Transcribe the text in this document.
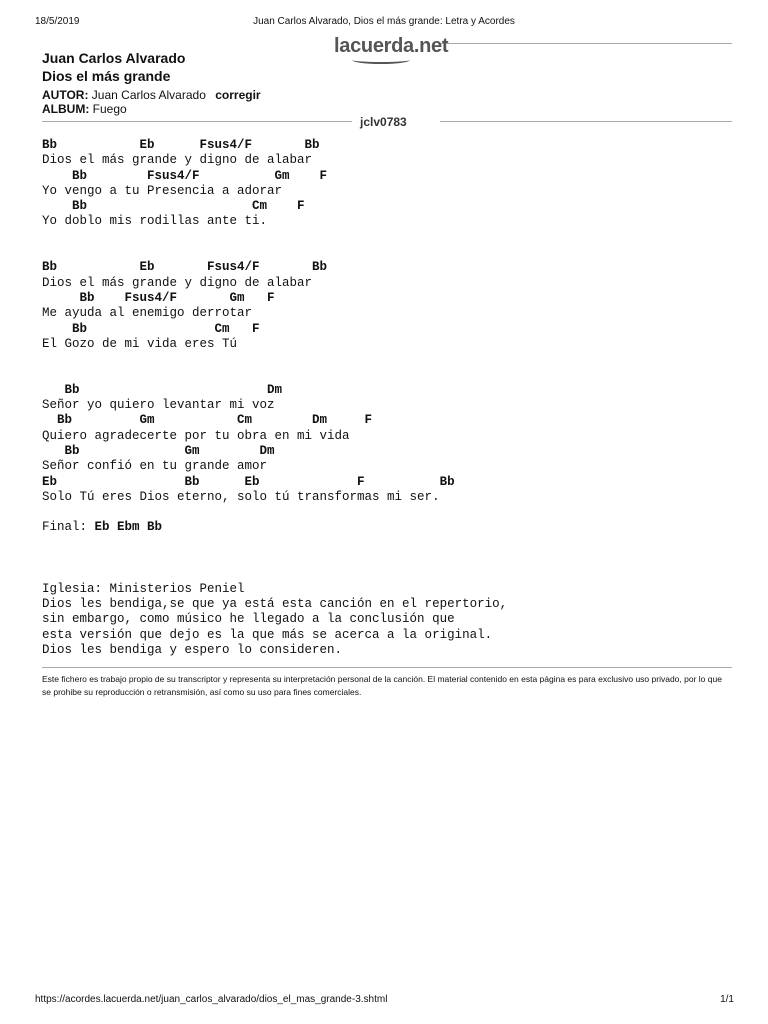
18/5/2019	Juan Carlos Alvarado, Dios el más grande: Letra y Acordes
lacuerda.net
Juan Carlos Alvarado
Dios el más grande
AUTOR: Juan Carlos Alvarado corregir
ALBUM: Fuego
jclv0783
Bb           Eb      Fsus4/F       Bb
Dios el más grande y digno de alabar
Bb        Fsus4/F          Gm    F
Yo vengo a tu Presencia a adorar
Bb                      Cm    F
Yo doblo mis rodillas ante ti.
Bb           Eb       Fsus4/F       Bb
Dios el más grande y digno de alabar
Bb    Fsus4/F       Gm   F
Me ayuda al enemigo derrotar
Bb                 Cm   F
El Gozo de mi vida eres Tú
Bb                         Dm
Señor yo quiero levantar mi voz
Bb         Gm           Cm        Dm     F
Quiero agradecerte por tu obra en mi vida
Bb              Gm        Dm
Señor confió en tu grande amor
Eb                 Bb      Eb             F          Bb
Solo Tú eres Dios eterno, solo tú transformas mi ser.
Final: Eb Ebm Bb
Iglesia: Ministerios Peniel
Dios les bendiga,se que ya está esta canción en el repertorio,
sin embargo, como músico he llegado a la conclusión que
esta versión que dejo es la que más se acerca a la original.
Dios les bendiga y espero lo consideren.
Este fichero es trabajo propio de su transcriptor y representa su interpretación personal de la canción. El material contenido en esta página es para exclusivo uso privado, por lo que se prohibe su reproducción o retransmisión, así como su uso para fines comerciales.
https://acordes.lacuerda.net/juan_carlos_alvarado/dios_el_mas_grande-3.shtml	1/1
